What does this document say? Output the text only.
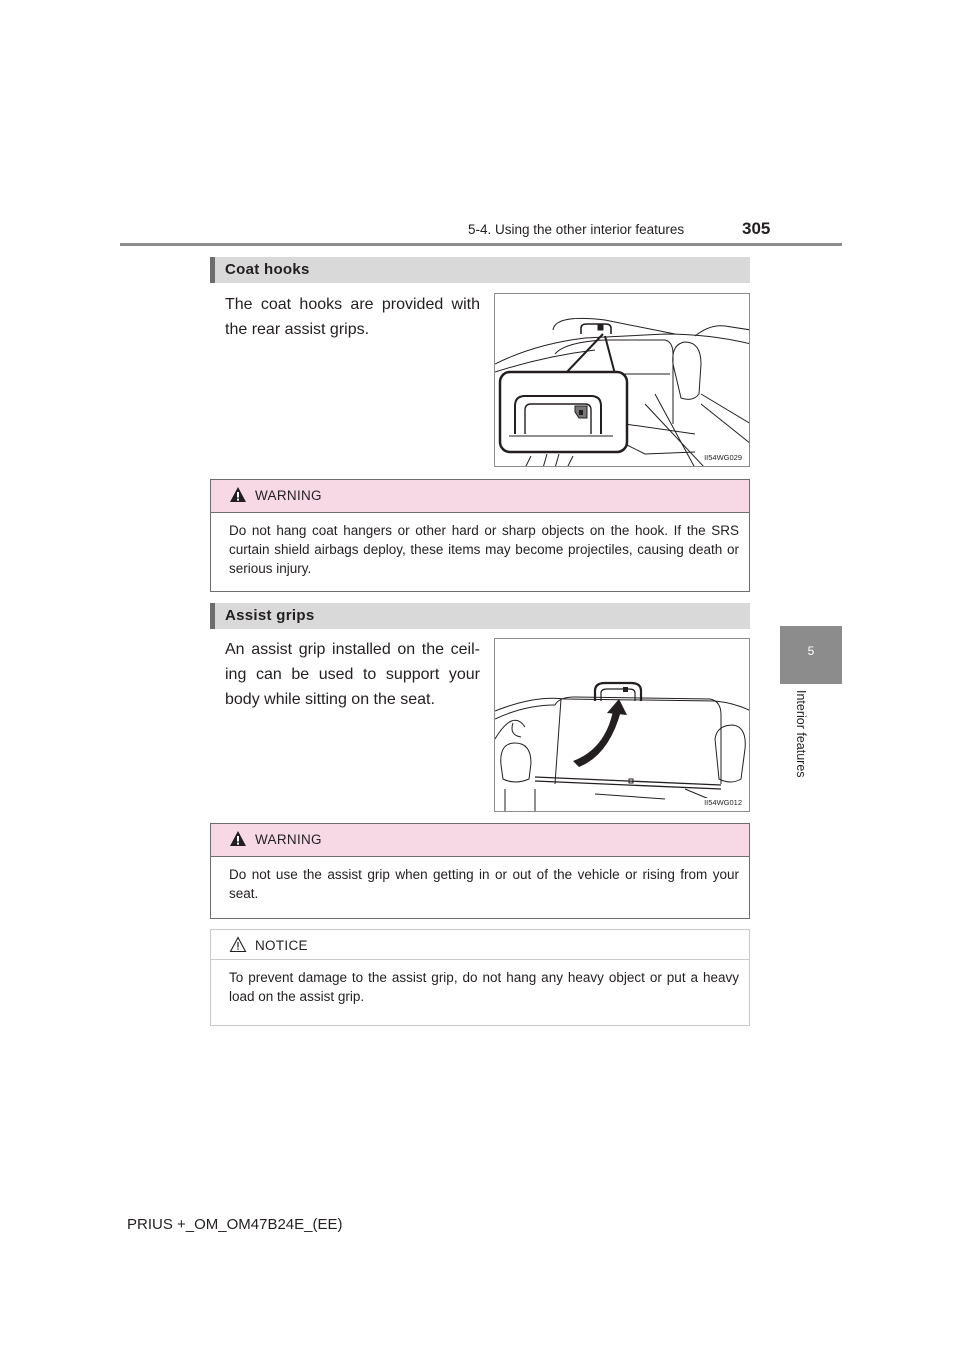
5-4. Using the other interior features	305
5
Interior features
Coat hooks
The coat hooks are provided with the rear assist grips.
II54WG029
WARNING
Do not hang coat hangers or other hard or sharp objects on the hook. If the SRS curtain shield airbags deploy, these items may become projectiles, causing death or serious injury.
Assist grips
An assist grip installed on the ceil-ing can be used to support your body while sitting on the seat.
II54WG012
WARNING
Do not use the assist grip when getting in or out of the vehicle or rising from your seat.
NOTICE
To prevent damage to the assist grip, do not hang any heavy object or put a heavy load on the assist grip.
PRIUS +_OM_OM47B24E_(EE)
